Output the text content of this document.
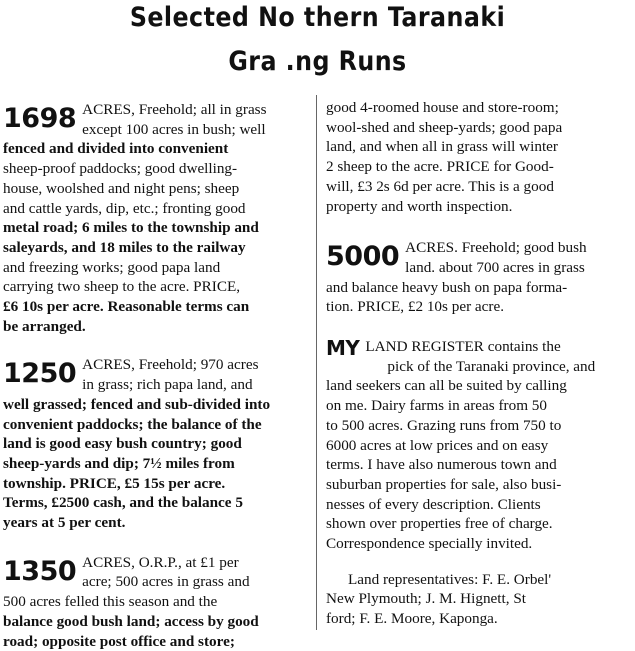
Selected No thern Taranaki
Gra .ng Runs
1698 ACRES, Freehold; all in grass
except 100 acres in bush; well
fenced and divided into convenient
sheep-proof paddocks; good dwelling-
house, woolshed and night pens; sheep
and cattle yards, dip, etc.; fronting good
metal road; 6 miles to the township and
saleyards, and 18 miles to the railway
and freezing works; good papa land
carrying two sheep to the acre. PRICE,
£6 10s per acre. Reasonable terms can
be arranged.
1250 ACRES, Freehold; 970 acres
in grass; rich papa land, and
well grassed; fenced and sub-divided into
convenient paddocks; the balance of the
land is good easy bush country; good
sheep-yards and dip; 7½ miles from
township. PRICE, £5 15s per acre.
Terms, £2500 cash, and the balance 5
years at 5 per cent.
1350 ACRES, O.R.P., at £1 per
acre; 500 acres in grass and
500 acres felled this season and the
balance good bush land; access by good
road; opposite post office and store;
good 4-roomed house and store-room;
wool-shed and sheep-yards; good papa
land, and when all in grass will winter
2 sheep to the acre. PRICE for Good-
will, £3 2s 6d per acre. This is a good
property and worth inspection.
5000 ACRES. Freehold; good bush
land. about 700 acres in grass
and balance heavy bush on papa forma-
tion. PRICE, £2 10s per acre.
MY LAND REGISTER contains the
pick of the Taranaki province, and
land seekers can all be suited by calling
on me. Dairy farms in areas from 50
to 500 acres. Grazing runs from 750 to
6000 acres at low prices and on easy
terms. I have also numerous town and
suburban properties for sale, also busi-
nesses of every description. Clients
shown over properties free of charge.
Correspondence specially invited.
Land representatives: F. E. Orbel'
New Plymouth; J. M. Hignett, St
ford; F. E. Moore, Kaponga.
